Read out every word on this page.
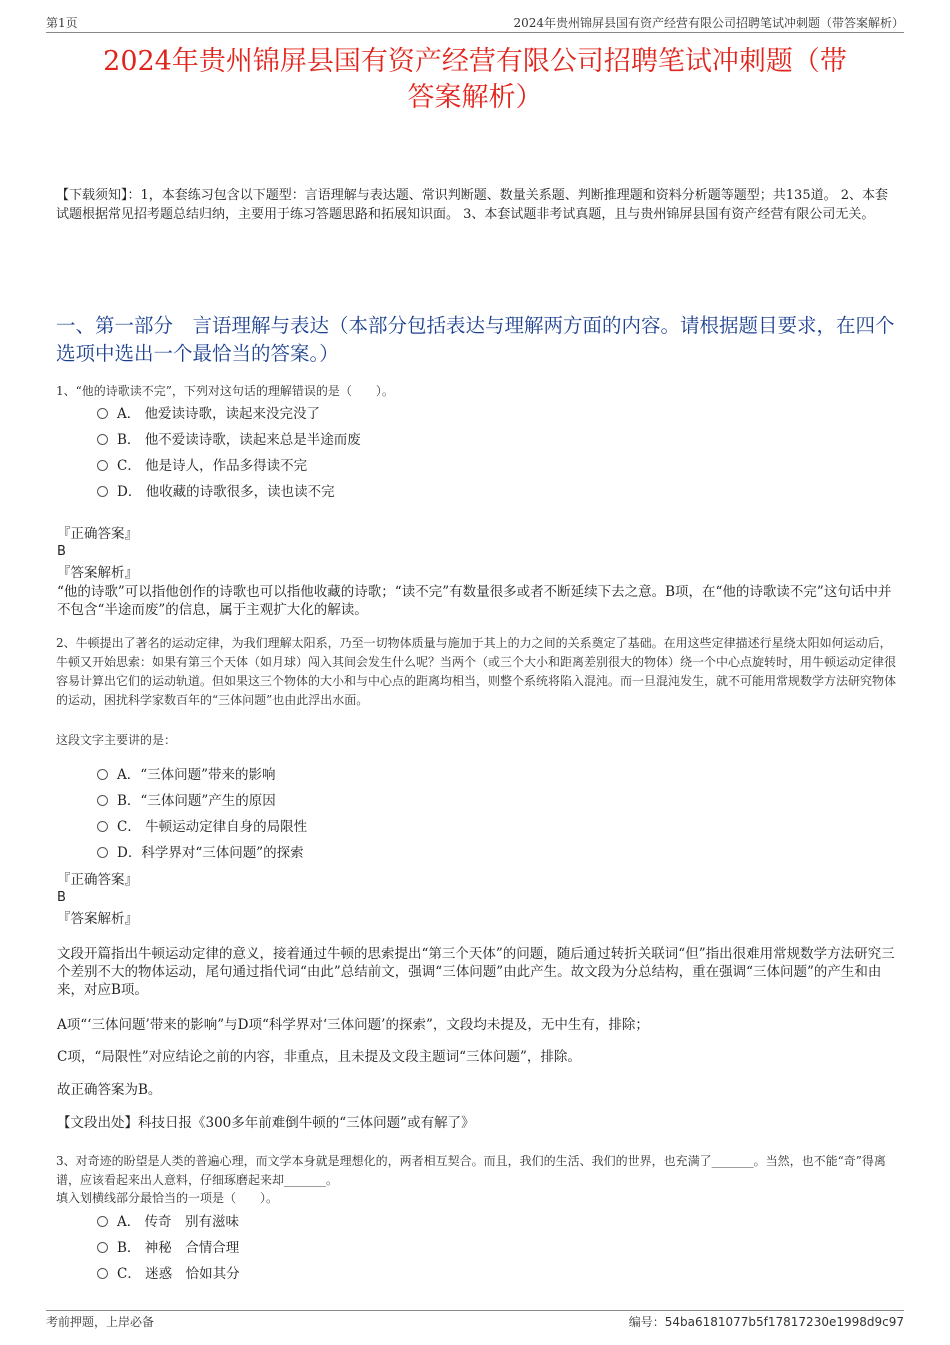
第1页	2024年贵州锦屏县国有资产经营有限公司招聘笔试冲刺题（带答案解析）
2024年贵州锦屏县国有资产经营有限公司招聘笔试冲刺题（带
答案解析）
【下载须知】：1，本套练习包含以下题型：言语理解与表达题、常识判断题、数量关系题、判断推理题和资料分析题等题型；共135道。 2、本套试题根据常见招考题总结归纳，主要用于练习答题思路和拓展知识面。 3、本套试题非考试真题，且与贵州锦屏县国有资产经营有限公司无关。
一、第一部分　言语理解与表达（本部分包括表达与理解两方面的内容。请根据题目要求，在四个选项中选出一个最恰当的答案。）
1、“他的诗歌读不完”，下列对这句话的理解错误的是（　　）。
A． 他爱读诗歌，读起来没完没了
B． 他不爱读诗歌，读起来总是半途而废
C． 他是诗人，作品多得读不完
D． 他收藏的诗歌很多，读也读不完
『正确答案』
B
『答案解析』
“他的诗歌”可以指他创作的诗歌也可以指他收藏的诗歌；“读不完”有数量很多或者不断延续下去之意。B项，在“他的诗歌读不完”这句话中并不包含“半途而废”的信息，属于主观扩大化的解读。
2、牛顿提出了著名的运动定律，为我们理解太阳系，乃至一切物体质量与施加于其上的力之间的关系奠定了基础。在用这些定律描述行星绕太阳如何运动后，牛顿又开始思索：如果有第三个天体（如月球）闯入其间会发生什么呢？当两个（或三个大小和距离差别很大的物体）绕一个中心点旋转时，用牛顿运动定律很容易计算出它们的运动轨道。但如果这三个物体的大小和与中心点的距离均相当，则整个系统将陷入混沌。而一旦混沌发生，就不可能用常规数学方法研究物体的运动，困扰科学家数百年的“三体问题”也由此浮出水面。
这段文字主要讲的是：
A．“三体问题”带来的影响
B．“三体问题”产生的原因
C． 牛顿运动定律自身的局限性
D．科学界对“三体问题”的探索
『正确答案』
B
『答案解析』
文段开篇指出牛顿运动定律的意义，接着通过牛顿的思索提出“第三个天体”的问题，随后通过转折关联词“但”指出很难用常规数学方法研究三个差别不大的物体运动，尾句通过指代词“由此”总结前文，强调“三体问题”由此产生。故文段为分总结构，重在强调“三体问题”的产生和由来，对应B项。
A项“‘三体问题’带来的影响”与D项“科学界对‘三体问题’的探索”，文段均未提及，无中生有，排除；
C项，“局限性”对应结论之前的内容，非重点，且未提及文段主题词“三体问题”，排除。
故正确答案为B。
【文段出处】科技日报《300多年前难倒牛顿的“三体问题”或有解了》
3、对奇迹的盼望是人类的普遍心理，而文学本身就是理想化的，两者相互契合。而且，我们的生活、我们的世界，也充满了_______。当然，也不能“奇”得离谱，应该看起来出人意料，仔细琢磨起来却_______。
填入划横线部分最恰当的一项是（　　）。
A． 传奇　别有滋味
B． 神秘　合情合理
C． 迷惑　恰如其分
考前押题，上岸必备	编号：54ba6181077b5f17817230e1998d9c97
